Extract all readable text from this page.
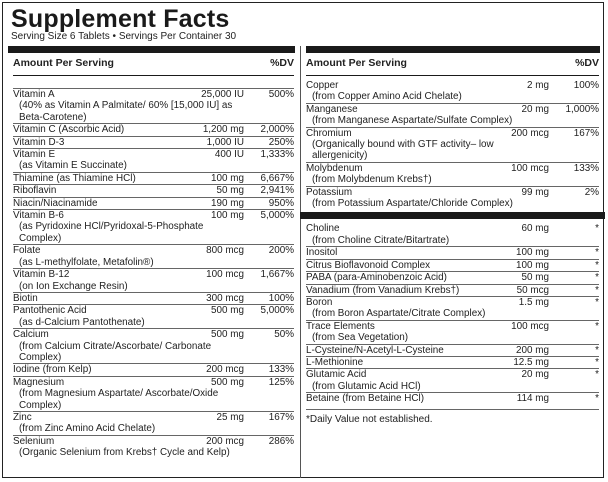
Supplement Facts
Serving Size 6 Tablets • Servings Per Container 30
Amount Per Serving	%DV
Vitamin A	25,000 IU 500%
(40% as Vitamin A Palmitate/ 60% [15,000 IU] as Beta-Carotene)
Vitamin C (Ascorbic Acid)	1,200 mg 2,000%
Vitamin D-3	1,000 IU 250%
Vitamin E	400 IU 1,333%
(as Vitamin E Succinate)
Thiamine (as Thiamine HCl)	100 mg 6,667%
Riboflavin	50 mg 2,941%
Niacin/Niacinamide	190 mg 950%
Vitamin B-6	100 mg 5,000%
(as Pyridoxine HCl/Pyridoxal-5-Phosphate Complex)
Folate	800 mcg 200%
(as L-methylfolate, Metafolin®)
Vitamin B-12	100 mcg 1,667%
(on Ion Exchange Resin)
Biotin	300 mcg 100%
Pantothenic Acid	500 mg 5,000%
(as d-Calcium Pantothenate)
Calcium	500 mg	50%
(from Calcium Citrate/Ascorbate/ Carbonate Complex)
Iodine (from Kelp)	200 mcg 133%
Magnesium	500 mg 125%
(from Magnesium Aspartate/ Ascorbate/Oxide Complex)
Zinc	25 mg 167%
(from Zinc Amino Acid Chelate)
Selenium	200 mcg 286%
(Organic Selenium from Krebs† Cycle and Kelp)
Amount Per Serving	%DV
Copper	2 mg 100%
(from Copper Amino Acid Chelate)
Manganese	20 mg 1,000%
(from Manganese Aspartate/Sulfate Complex)
Chromium	200 mcg 167%
(Organically bound with GTF activity– low allergenicity)
Molybdenum	100 mcg 133%
(from Molybdenum Krebs†)
Potassium	99 mg	2%
(from Potassium Aspartate/Chloride Complex)
Choline	60 mg	*
(from Choline Citrate/Bitartrate)
Inositol	100 mg	*
Citrus Bioflavonoid Complex	100 mg	*
PABA (para-Aminobenzoic Acid)	50 mg	*
Vanadium (from Vanadium Krebs†)	50 mcg	*
Boron	1.5 mg	*
(from Boron Aspartate/Citrate Complex)
Trace Elements	100 mcg	*
(from Sea Vegetation)
L-Cysteine/N-Acetyl-L-Cysteine	200 mg	*
L-Methionine	12.5 mg	*
Glutamic Acid	20 mg	*
(from Glutamic Acid HCl)
Betaine (from Betaine HCl)	114 mg	*
*Daily Value not established.
